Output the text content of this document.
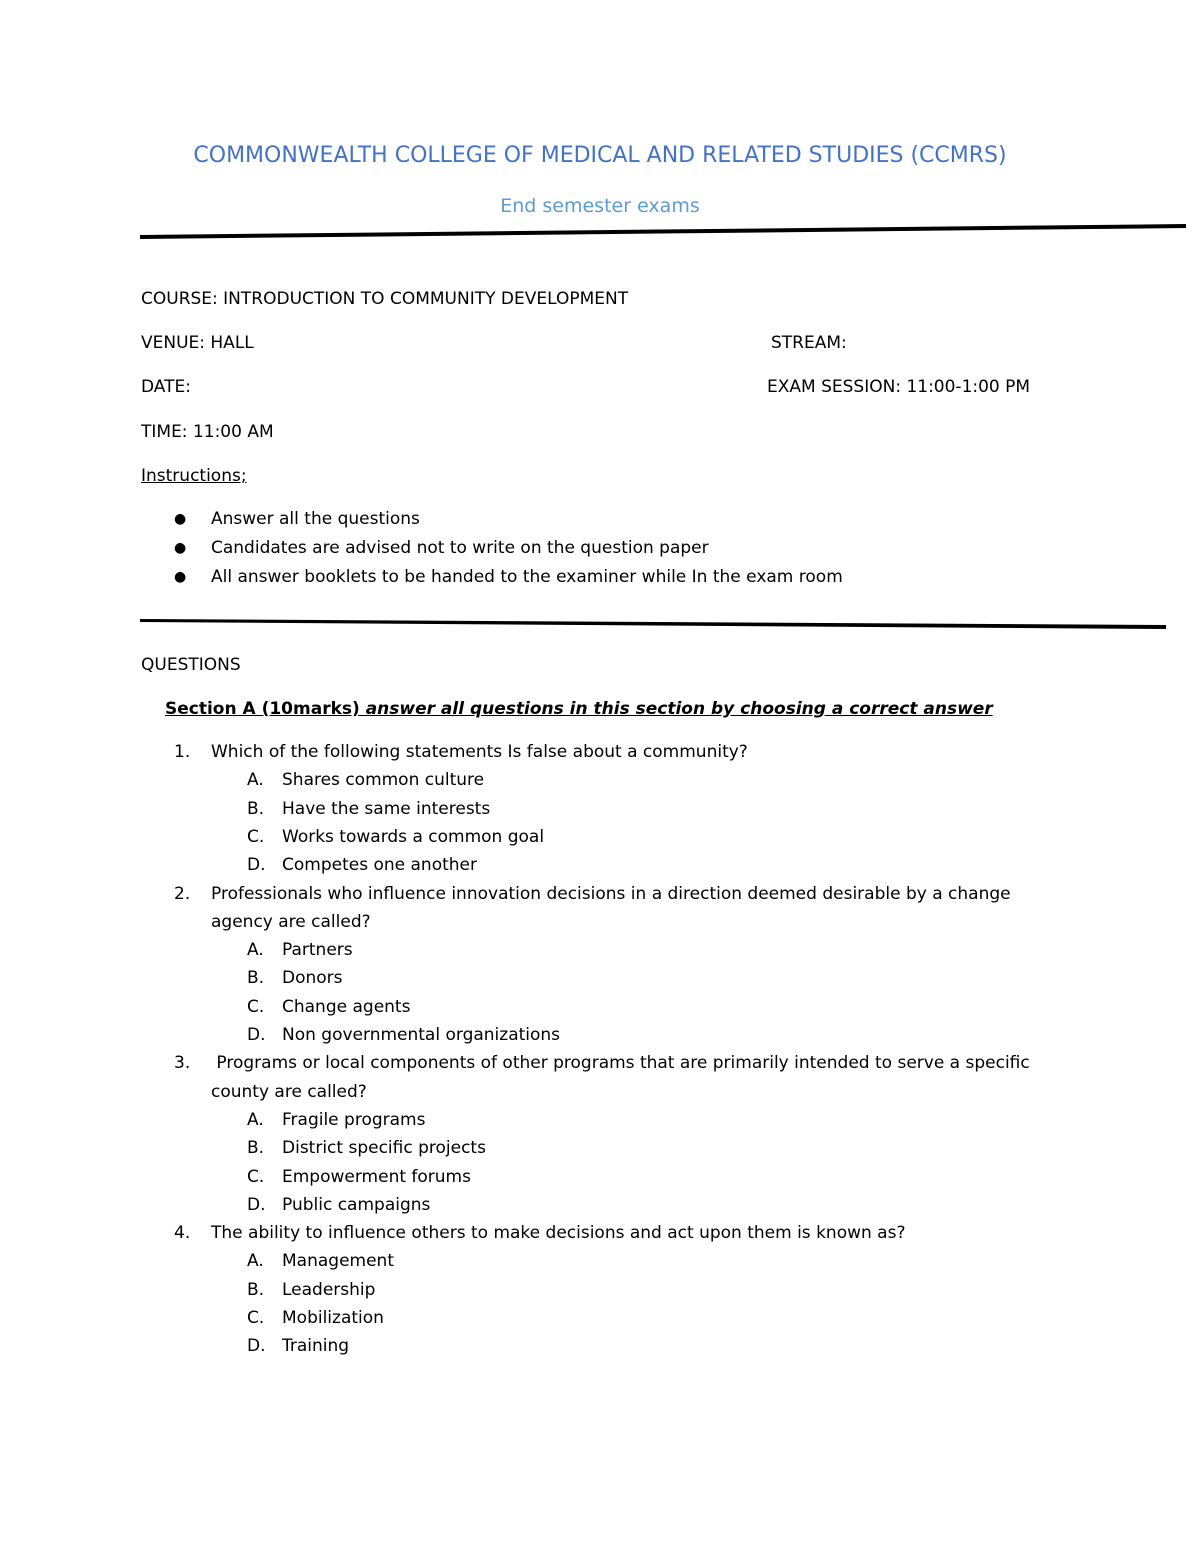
COMMONWEALTH COLLEGE OF MEDICAL AND RELATED STUDIES (CCMRS)
End semester exams
COURSE: INTRODUCTION TO COMMUNITY DEVELOPMENT
VENUE: HALL	STREAM:
DATE:	EXAM SESSION: 11:00-1:00 PM
TIME: 11:00 AM
Instructions;
● Answer all the questions
● Candidates are advised not to write on the question paper
● All answer booklets to be handed to the examiner while In the exam room
QUESTIONS
Section A (10marks) answer all questions in this section by choosing a correct answer
1. Which of the following statements Is false about a community?
A. Shares common culture
B. Have the same interests
C. Works towards a common goal
D. Competes one another
2. Professionals who influence innovation decisions in a direction deemed desirable by a change
agency are called?
A. Partners
B. Donors
C. Change agents
D. Non governmental organizations
3. Programs or local components of other programs that are primarily intended to serve a specific
county are called?
A. Fragile programs
B. District specific projects
C. Empowerment forums
D. Public campaigns
4. The ability to influence others to make decisions and act upon them is known as?
A. Management
B. Leadership
C. Mobilization
D. Training
